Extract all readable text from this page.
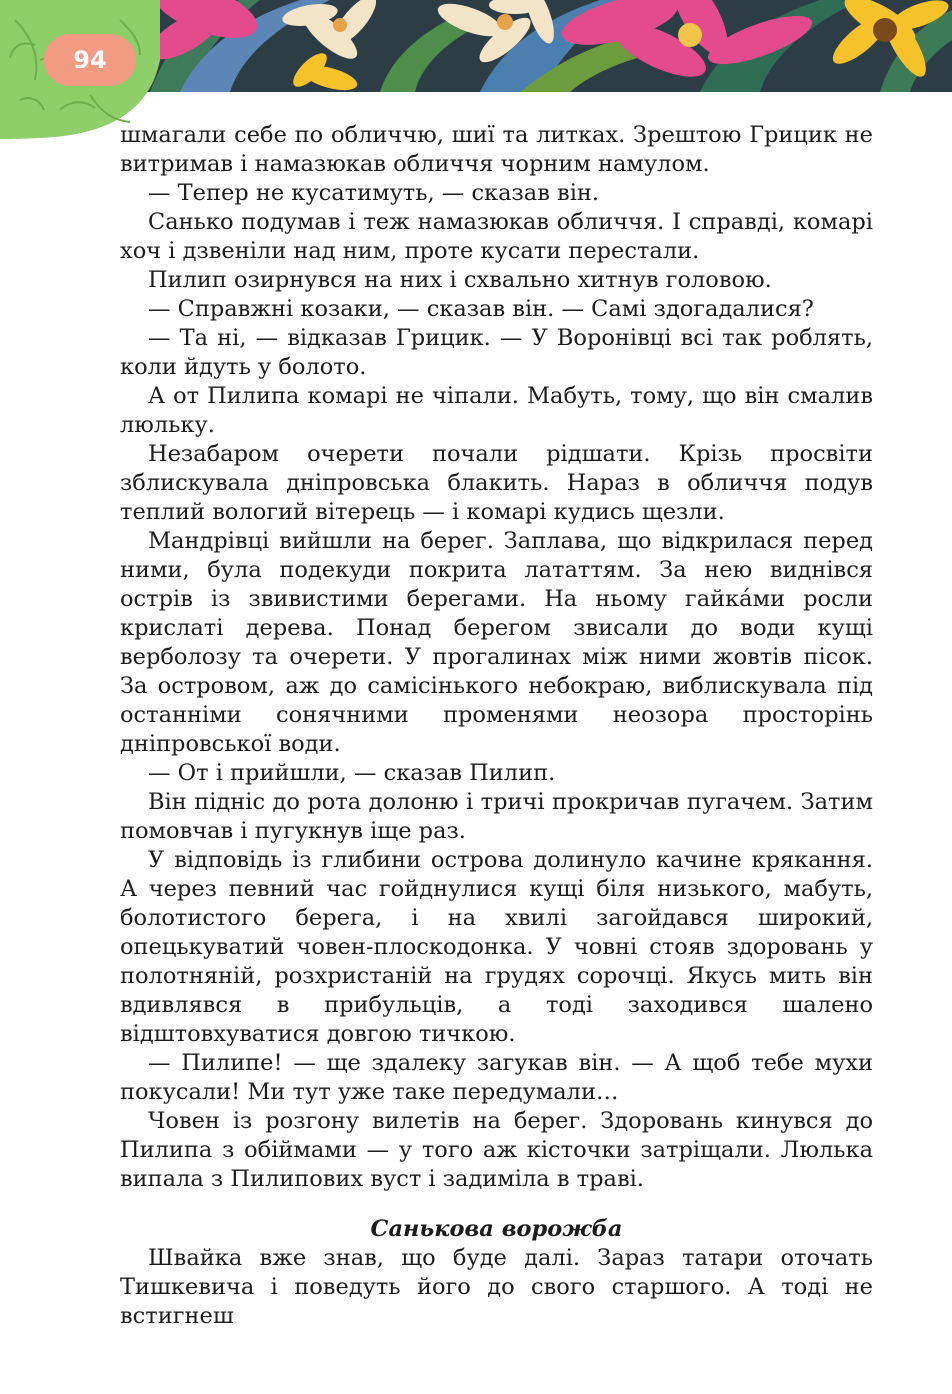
94

шмагали себе по обличчю, шиї та литках. Зрештою Грицик не витримав і намазюкав обличчя чорним намулом.

— Тепер не кусатимуть, — сказав він.

Санько подумав і теж намазюкав обличчя. І справді, комарі хоч і дзвеніли над ним, проте кусати перестали.

Пилип озирнувся на них і схвально хитнув головою.

— Справжні козаки, — сказав він. — Самі здогадалися?

— Та ні, — відказав Грицик. — У Воронівці всі так роблять, коли йдуть у болото.

А от Пилипа комарі не чіпали. Мабуть, тому, що він смалив люльку.

Незабаром очерети почали рідшати. Крізь просвіти зблискувала дніпровська блакить. Нараз в обличчя подув теплий вологий вітерець — і комарі кудись щезли.

Мандрівці вийшли на берег. Заплава, що відкрилася перед ними, була подекуди покрита лататтям. За нею виднівся острів із звивистими берегами. На ньому гайка́ми росли крислаті дерева. Понад берегом звисали до води кущі верболозу та очерети. У прогалинах між ними жовтів пісок. За островом, аж до самісінького небокраю, виблискувала під останніми сонячними променями неозора просторінь дніпровської води.

— От і прийшли, — сказав Пилип.

Він підніс до рота долоню і тричі прокричав пугачем. Затим помовчав і пугукнув іще раз.

У відповідь із глибини острова долинуло качине крякання. А через певний час гойднулися кущі біля низького, мабуть, болотистого берега, і на хвилі загойдався широкий, опецькуватий човен-плоскодонка. У човні стояв здоровань у полотняній, розхристаній на грудях сорочці. Якусь мить він вдивлявся в прибульців, а тоді заходився шалено відштовхуватися довгою тичкою.

— Пилипе! — ще здалеку загукав він. — А щоб тебе мухи покусали! Ми тут уже таке передумали…

Човен із розгону вилетів на берег. Здоровань кинувся до Пилипа з обіймами — у того аж кісточки затріщали. Люлька випала з Пилипових вуст і задиміла в траві.

Санькова ворожба

Швайка вже знав, що буде далі. Зараз татари оточать Тишкевича і поведуть його до свого старшого. А тоді не встигнеш
